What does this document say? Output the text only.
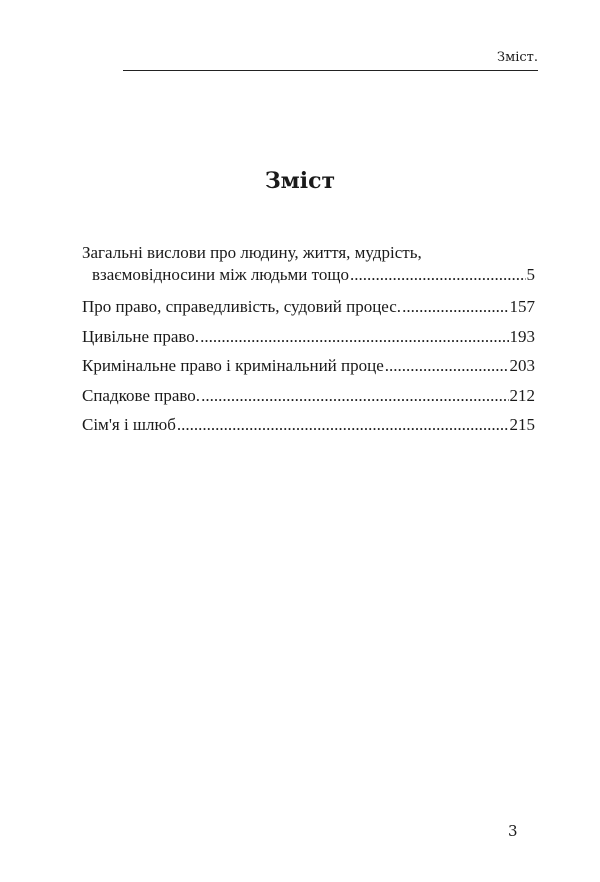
Зміст.
Зміст
Загальні вислови про людину, життя, мудрість,
взаємовідносини між людьми тощо .....	5
Про право, справедливість, судовий процес. .....	157
Цивільне право. .....	193
Кримінальне право і кримінальний проце .....	203
Спадкове право. .....	212
Сім'я і шлюб .....	215
3
